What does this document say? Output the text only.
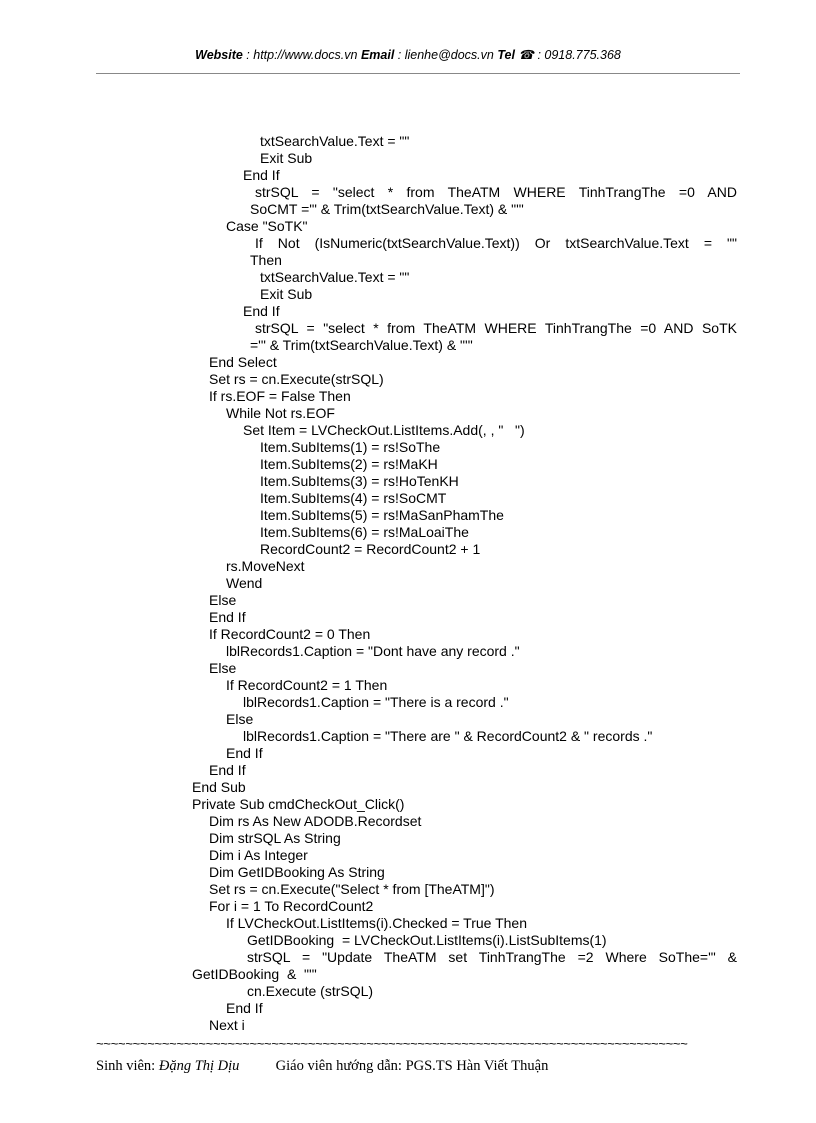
Website : http://www.docs.vn Email : lienhe@docs.vn Tel ☎ : 0918.775.368
txtSearchValue.Text = ""
Exit Sub
End If
strSQL = "select * from TheATM WHERE TinhTrangThe =0 AND
SoCMT ='" & Trim(txtSearchValue.Text) & "'"
Case "SoTK"
If Not (IsNumeric(txtSearchValue.Text)) Or txtSearchValue.Text = ""
Then
txtSearchValue.Text = ""
Exit Sub
End If
strSQL = "select * from TheATM WHERE TinhTrangThe =0 AND SoTK
='" & Trim(txtSearchValue.Text) & "'"
End Select
Set rs = cn.Execute(strSQL)
If rs.EOF = False Then
While Not rs.EOF
Set Item = LVCheckOut.ListItems.Add(, , "   ")
Item.SubItems(1) = rs!SoThe
Item.SubItems(2) = rs!MaKH
Item.SubItems(3) = rs!HoTenKH
Item.SubItems(4) = rs!SoCMT
Item.SubItems(5) = rs!MaSanPhamThe
Item.SubItems(6) = rs!MaLoaiThe
RecordCount2 = RecordCount2 + 1
rs.MoveNext
Wend
Else
End If
If RecordCount2 = 0 Then
lblRecords1.Caption = "Dont have any record ."
Else
If RecordCount2 = 1 Then
lblRecords1.Caption = "There is a record ."
Else
lblRecords1.Caption = "There are " & RecordCount2 & " records ."
End If
End If
End Sub
Private Sub cmdCheckOut_Click()
Dim rs As New ADODB.Recordset
Dim strSQL As String
Dim i As Integer
Dim GetIDBooking As String
Set rs = cn.Execute("Select * from [TheATM]")
For i = 1 To RecordCount2
If LVCheckOut.ListItems(i).Checked = True Then
GetIDBooking  = LVCheckOut.ListItems(i).ListSubItems(1)
strSQL = "Update TheATM set TinhTrangThe =2 Where SoThe='" &
GetIDBooking  &  "'"
cn.Execute (strSQL)
End If
Next i
~~~~~~~~~~~~~~~~~~~~~~~~~~~~~~~~~~~~~~~~~~~~~~~~~~~~~~~~~~~~~~~~~~~~~~~~~~~~~~~~~
Sinh viên: Đặng Thị Dịu	Giáo viên hướng dẫn: PGS.TS Hàn Viết Thuận
